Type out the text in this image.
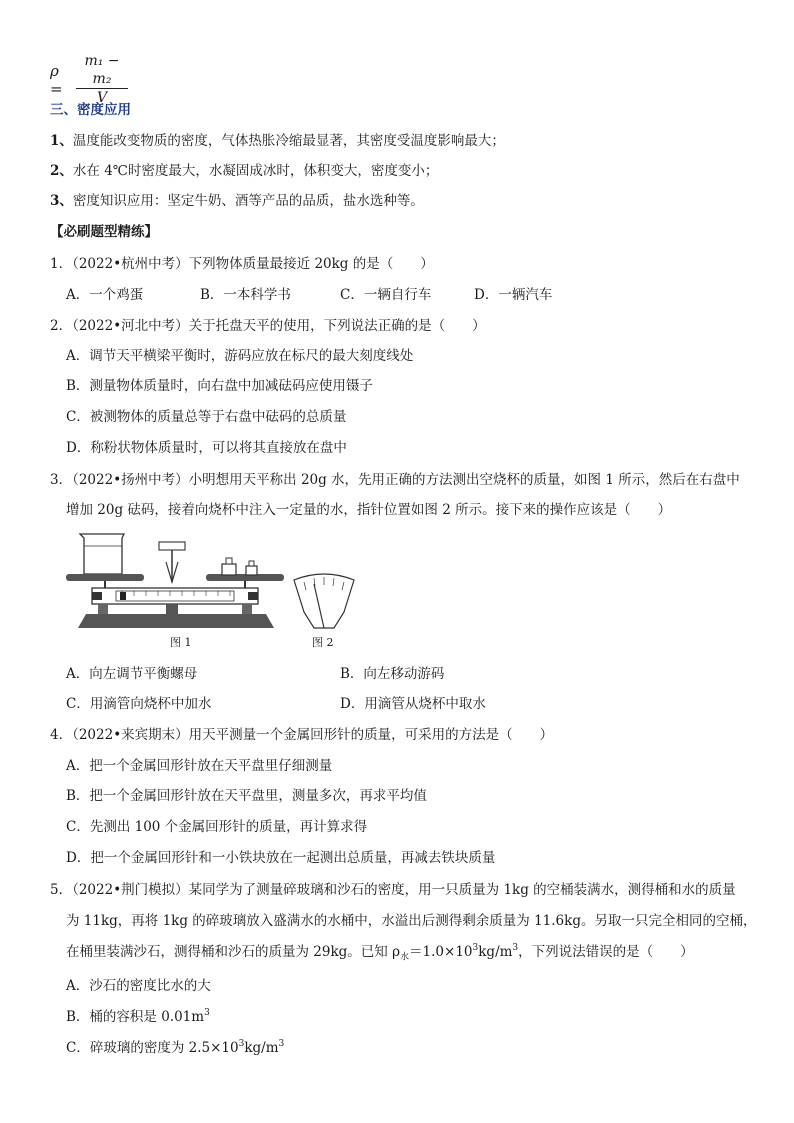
ρ =
m₁ − m₂
V
三、密度应用
1、温度能改变物质的密度，气体热胀冷缩最显著，其密度受温度影响最大；
2、水在 4℃时密度最大，水凝固成冰时，体积变大，密度变小；
3、密度知识应用：坚定牛奶、酒等产品的品质，盐水选种等。
【必刷题型精练】
1．（2022•杭州中考）下列物体质量最接近 20kg 的是（　　）
A．一个鸡蛋	B．一本科学书	C．一辆自行车	D．一辆汽车
2．（2022•河北中考）关于托盘天平的使用，下列说法正确的是（　　）
A．调节天平横梁平衡时，游码应放在标尺的最大刻度线处
B．测量物体质量时，向右盘中加减砝码应使用镊子
C．被测物体的质量总等于右盘中砝码的总质量
D．称粉状物体质量时，可以将其直接放在盘中
3．（2022•扬州中考）小明想用天平称出 20g 水，先用正确的方法测出空烧杯的质量，如图 1 所示，然后在右盘中
增加 20g 砝码，接着向烧杯中注入一定量的水，指针位置如图 2 所示。接下来的操作应该是（　　）
图 1	图 2
A．向左调节平衡螺母	B．向左移动游码
C．用滴管向烧杯中加水	D．用滴管从烧杯中取水
4．（2022•来宾期末）用天平测量一个金属回形针的质量，可采用的方法是（　　）
A．把一个金属回形针放在天平盘里仔细测量
B．把一个金属回形针放在天平盘里，测量多次，再求平均值
C．先测出 100 个金属回形针的质量，再计算求得
D．把一个金属回形针和一小铁块放在一起测出总质量，再减去铁块质量
5．（2022•荆门模拟）某同学为了测量碎玻璃和沙石的密度，用一只质量为 1kg 的空桶装满水，测得桶和水的质量
为 11kg，再将 1kg 的碎玻璃放入盛满水的水桶中，水溢出后测得剩余质量为 11.6kg。另取一只完全相同的空桶，
在桶里装满沙石，测得桶和沙石的质量为 29kg。已知 $\rho_水=1.0\times 10^3kg/m^3$，下列说法错误的是（　　）
A．沙石的密度比水的大
B．桶的容积是 $0.01m^3$
C．碎玻璃的密度为 $2.5\times 10^3kg/m^3$
